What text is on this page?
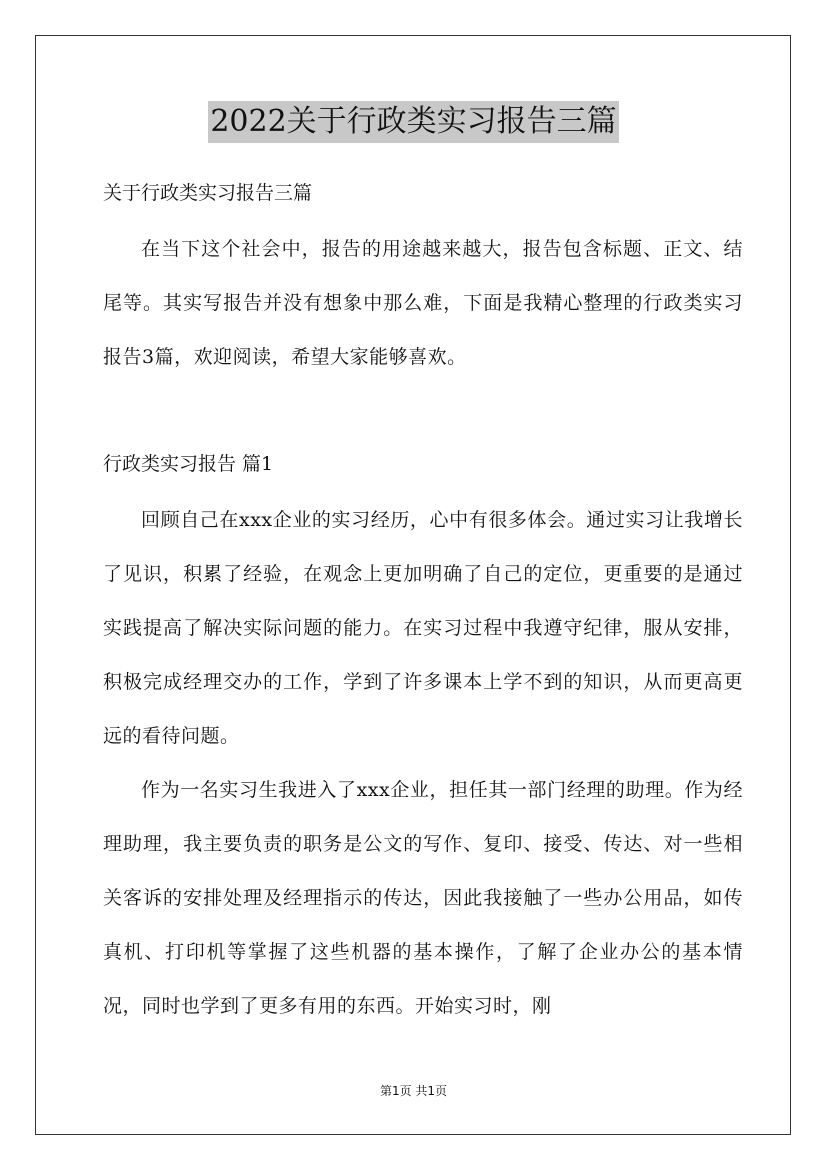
2022关于行政类实习报告三篇
关于行政类实习报告三篇

在当下这个社会中，报告的用途越来越大，报告包含标题、正文、结尾等。其实写报告并没有想象中那么难，下面是我精心整理的行政类实习报告3篇，欢迎阅读，希望大家能够喜欢。

行政类实习报告 篇1

回顾自己在xxx企业的实习经历，心中有很多体会。通过实习让我增长了见识，积累了经验，在观念上更加明确了自己的定位，更重要的是通过实践提高了解决实际问题的能力。在实习过程中我遵守纪律，服从安排，积极完成经理交办的工作，学到了许多课本上学不到的知识，从而更高更远的看待问题。

作为一名实习生我进入了xxx企业，担任其一部门经理的助理。作为经理助理，我主要负责的职务是公文的写作、复印、接受、传达、对一些相关客诉的安排处理及经理指示的传达，因此我接触了一些办公用品，如传真机、打印机等掌握了这些机器的基本操作，了解了企业办公的基本情况，同时也学到了更多有用的东西。开始实习时，刚

第1页 共1页
